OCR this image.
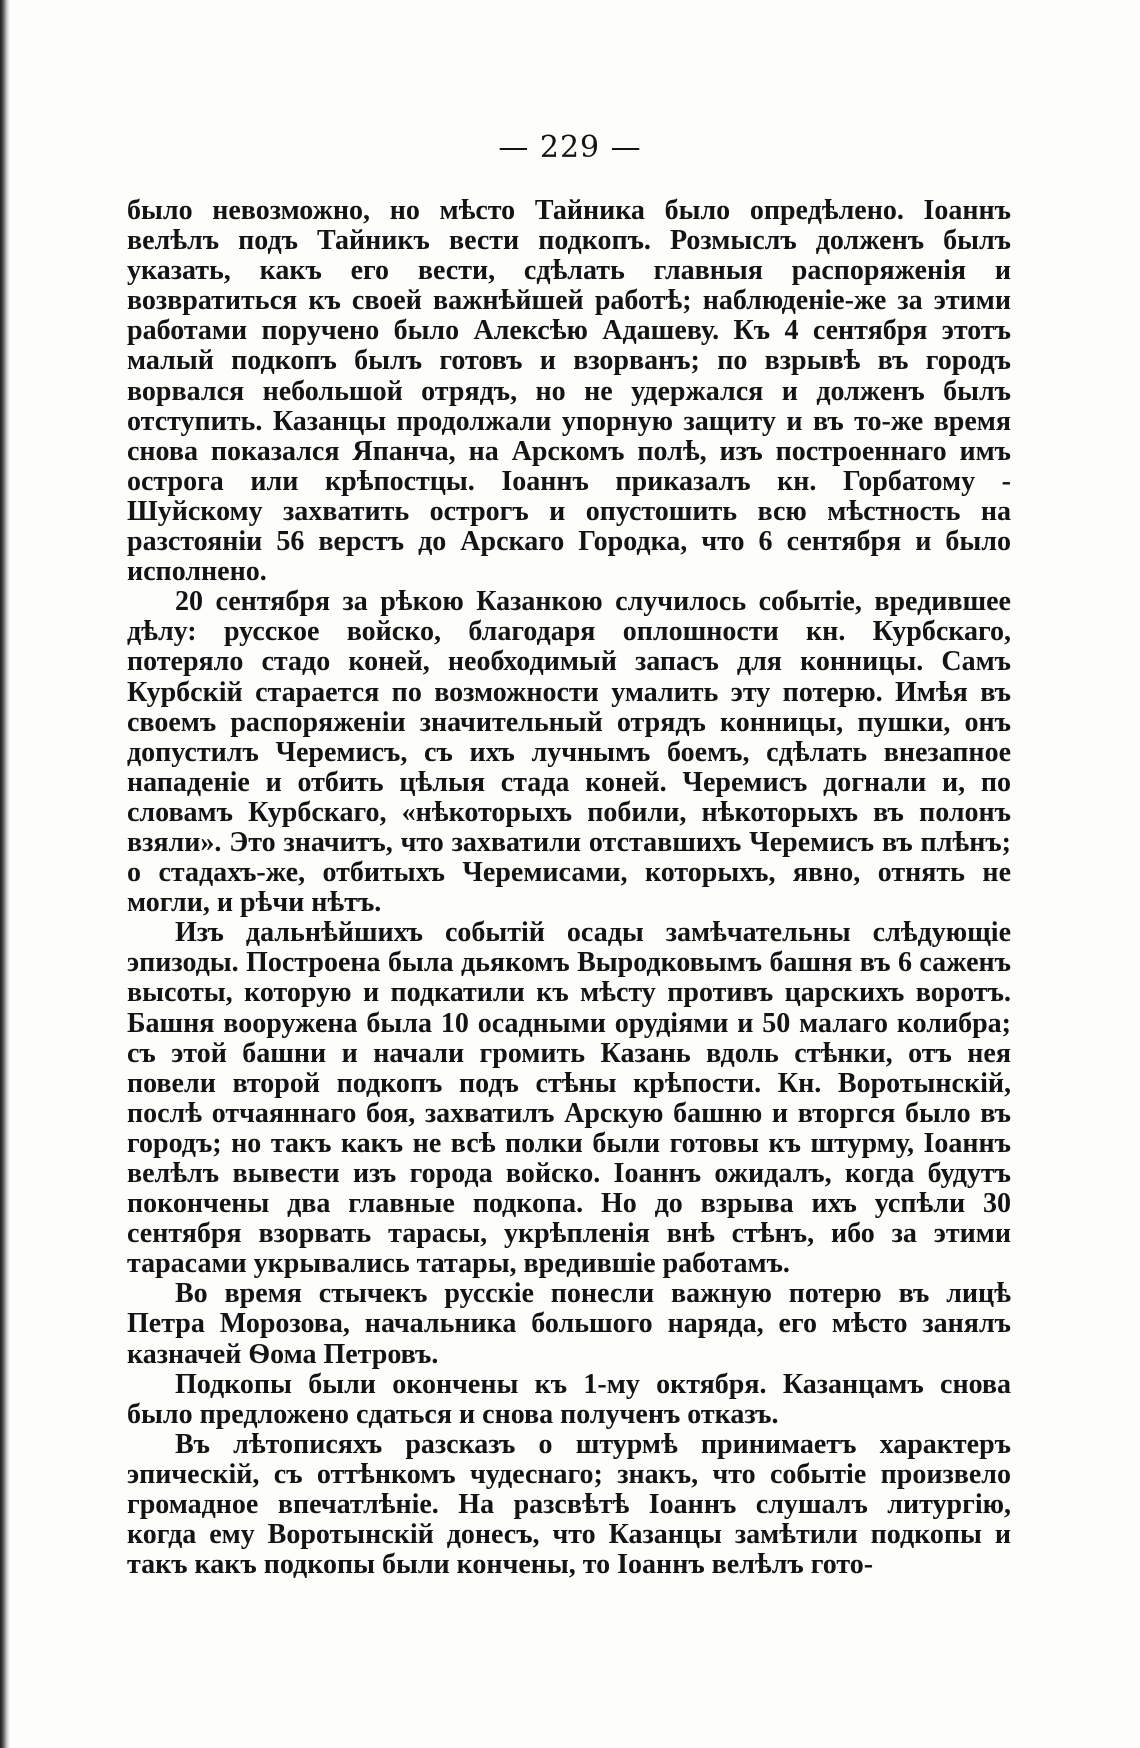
— 229 —

было невозможно, но мѣсто Тайника было опредѣлено. Іоаннъ велѣлъ подъ Тайникъ вести подкопъ. Розмыслъ долженъ былъ указать, какъ его вести, сдѣлать главныя распоряженія и возвратиться къ своей важнѣйшей работѣ; наблюденіе-же за этими работами поручено было Алексѣю Адашеву. Къ 4 сентября этотъ малый подкопъ былъ готовъ и взорванъ; по взрывѣ въ городъ ворвался небольшой отрядъ, но не удержался и долженъ былъ отступить. Казанцы продолжали упорную защиту и въ то-же время снова показался Япанча, на Арскомъ полѣ, изъ построеннаго имъ острога или крѣпостцы. Іоаннъ приказалъ кн. Горбатому - Шуйскому захватить острогъ и опустошить всю мѣстность на разстояніи 56 верстъ до Арскаго Городка, что 6 сентября и было исполнено.

20 сентября за рѣкою Казанкою случилось событіе, вредившее дѣлу: русское войско, благодаря оплошности кн. Курбскаго, потеряло стадо коней, необходимый запасъ для конницы. Самъ Курбскій старается по возможности умалить эту потерю. Имѣя въ своемъ распоряженіи значительный отрядъ конницы, пушки, онъ допустилъ Черемисъ, съ ихъ лучнымъ боемъ, сдѣлать внезапное нападеніе и отбить цѣлыя стада коней. Черемисъ догнали и, по словамъ Курбскаго, «нѣкоторыхъ побили, нѣкоторыхъ въ полонъ взяли». Это значитъ, что захватили отставшихъ Черемисъ въ плѣнъ; о стадахъ-же, отбитыхъ Черемисами, которыхъ, явно, отнять не могли, и рѣчи нѣтъ.

Изъ дальнѣйшихъ событій осады замѣчательны слѣдующіе эпизоды. Построена была дьякомъ Выродковымъ башня въ 6 саженъ высоты, которую и подкатили къ мѣсту противъ царскихъ воротъ. Башня вооружена была 10 осадными орудіями и 50 малаго колибра; съ этой башни и начали громить Казань вдоль стѣнки, отъ нея повели второй подкопъ подъ стѣны крѣпости. Кн. Воротынскій, послѣ отчаяннаго боя, захватилъ Арскую башню и вторгся было въ городъ; но такъ какъ не всѣ полки были готовы къ штурму, Іоаннъ велѣлъ вывести изъ города войско. Іоаннъ ожидалъ, когда будутъ покончены два главные подкопа. Но до взрыва ихъ успѣли 30 сентября взорвать тарасы, укрѣпленія внѣ стѣнъ, ибо за этими тарасами укрывались татары, вредившіе работамъ.

Во время стычекъ русскіе понесли важную потерю въ лицѣ Петра Морозова, начальника большого наряда, его мѣсто занялъ казначей Ѳома Петровъ.

Подкопы были окончены къ 1-му октября. Казанцамъ снова было предложено сдаться и снова полученъ отказъ.

Въ лѣтописяхъ разсказъ о штурмѣ принимаетъ характеръ эпическій, съ оттѣнкомъ чудеснаго; знакъ, что событіе произвело громадное впечатлѣніе. На разсвѣтѣ Іоаннъ слушалъ литургію, когда ему Воротынскій донесъ, что Казанцы замѣтили подкопы и такъ какъ подкопы были кончены, то Іоаннъ велѣлъ гото-
